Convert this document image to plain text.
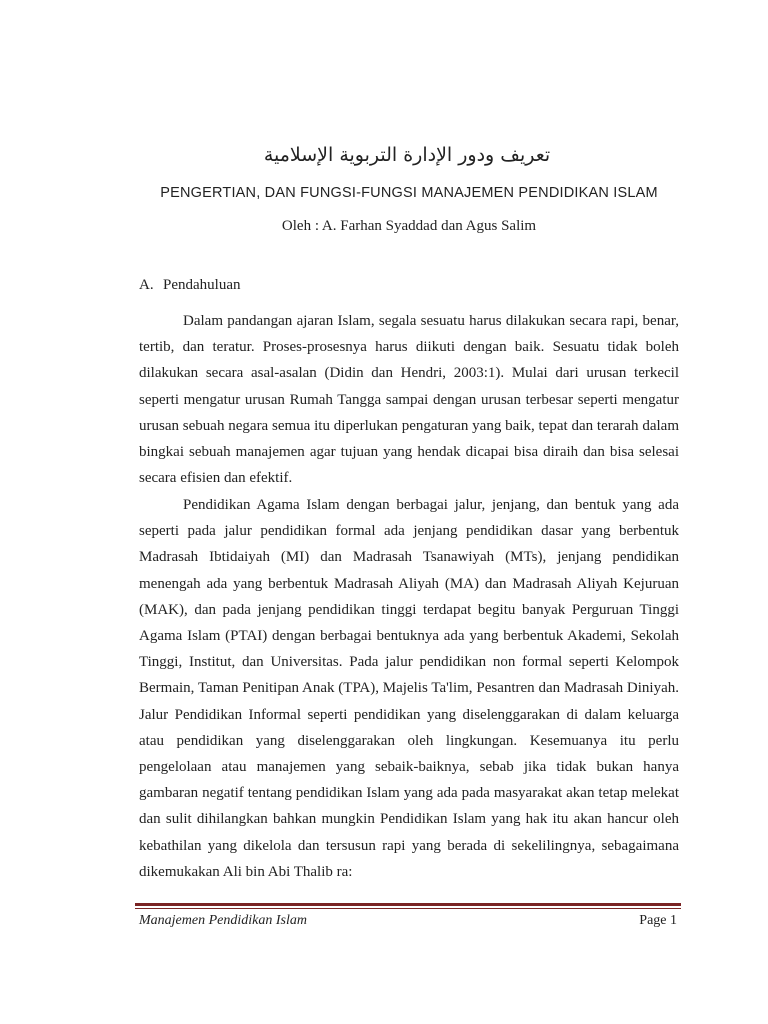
تعريف ودور الإدارة التربوية الإسلامية
PENGERTIAN, DAN FUNGSI-FUNGSI MANAJEMEN PENDIDIKAN ISLAM
Oleh : A. Farhan Syaddad dan Agus Salim
A. Pendahuluan

Dalam pandangan ajaran Islam, segala sesuatu harus dilakukan secara rapi, benar, tertib, dan teratur. Proses-prosesnya harus diikuti dengan baik. Sesuatu tidak boleh dilakukan secara asal-asalan (Didin dan Hendri, 2003:1). Mulai dari urusan terkecil seperti mengatur urusan Rumah Tangga sampai dengan urusan terbesar seperti mengatur urusan sebuah negara semua itu diperlukan pengaturan yang baik, tepat dan terarah dalam bingkai sebuah manajemen agar tujuan yang hendak dicapai bisa diraih dan bisa selesai secara efisien dan efektif.

Pendidikan Agama Islam dengan berbagai jalur, jenjang, dan bentuk yang ada seperti pada jalur pendidikan formal ada jenjang pendidikan dasar yang berbentuk Madrasah Ibtidaiyah (MI) dan Madrasah Tsanawiyah (MTs), jenjang pendidikan menengah ada yang berbentuk Madrasah Aliyah (MA) dan Madrasah Aliyah Kejuruan (MAK), dan pada jenjang pendidikan tinggi terdapat begitu banyak Perguruan Tinggi Agama Islam (PTAI) dengan berbagai bentuknya ada yang berbentuk Akademi, Sekolah Tinggi, Institut, dan Universitas. Pada jalur pendidikan non formal seperti Kelompok Bermain, Taman Penitipan Anak (TPA), Majelis Ta'lim, Pesantren dan Madrasah Diniyah. Jalur Pendidikan Informal seperti pendidikan yang diselenggarakan di dalam keluarga atau pendidikan yang diselenggarakan oleh lingkungan. Kesemuanya itu perlu pengelolaan atau manajemen yang sebaik-baiknya, sebab jika tidak bukan hanya gambaran negatif tentang pendidikan Islam yang ada pada masyarakat akan tetap melekat dan sulit dihilangkan bahkan mungkin Pendidikan Islam yang hak itu akan hancur oleh kebathilan yang dikelola dan tersusun rapi yang berada di sekelilingnya, sebagaimana dikemukakan Ali bin Abi Thalib ra:

Manajemen Pendidikan Islam	Page 1
